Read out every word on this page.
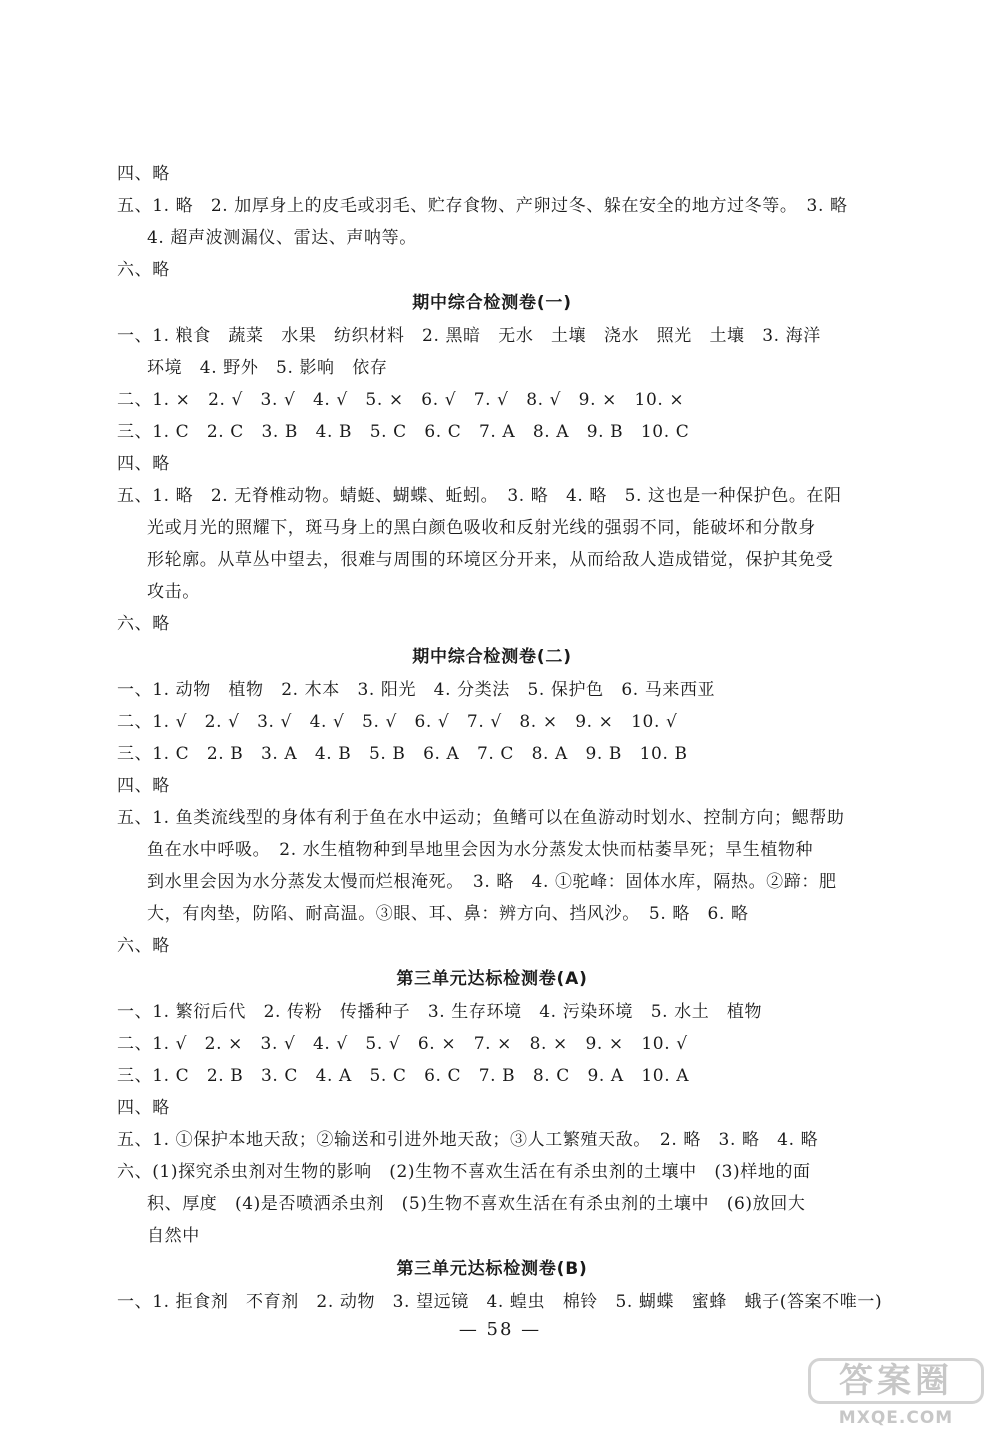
四、略
五、1. 略　2. 加厚身上的皮毛或羽毛、贮存食物、产卵过冬、躲在安全的地方过冬等。　3. 略
4. 超声波测漏仪、雷达、声呐等。
六、略
期中综合检测卷(一)
一、1. 粮食　蔬菜　水果　纺织材料　2. 黑暗　无水　土壤　浇水　照光　土壤　3. 海洋
环境　4. 野外　5. 影响　依存
二、1. ×　2. √　3. √　4. √　5. ×　6. √　7. √　8. √　9. ×　10. ×
三、1. C　2. C　3. B　4. B　5. C　6. C　7. A　8. A　9. B　10. C
四、略
五、1. 略　2. 无脊椎动物。蜻蜓、蝴蝶、蚯蚓。　3. 略　4. 略　5. 这也是一种保护色。在阳
光或月光的照耀下，斑马身上的黑白颜色吸收和反射光线的强弱不同，能破坏和分散身
形轮廓。从草丛中望去，很难与周围的环境区分开来，从而给敌人造成错觉，保护其免受
攻击。
六、略
期中综合检测卷(二)
一、1. 动物　植物　2. 木本　3. 阳光　4. 分类法　5. 保护色　6. 马来西亚
二、1. √　2. √　3. √　4. √　5. √　6. √　7. √　8. ×　9. ×　10. √
三、1. C　2. B　3. A　4. B　5. B　6. A　7. C　8. A　9. B　10. B
四、略
五、1. 鱼类流线型的身体有利于鱼在水中运动；鱼鳍可以在鱼游动时划水、控制方向；鳃帮助
鱼在水中呼吸。　2. 水生植物种到旱地里会因为水分蒸发太快而枯萎旱死；旱生植物种
到水里会因为水分蒸发太慢而烂根淹死。　3. 略　4. ①驼峰：固体水库，隔热。②蹄：肥
大，有肉垫，防陷、耐高温。③眼、耳、鼻：辨方向、挡风沙。　5. 略　6. 略
六、略
第三单元达标检测卷(A)
一、1. 繁衍后代　2. 传粉　传播种子　3. 生存环境　4. 污染环境　5. 水土　植物
二、1. √　2. ×　3. √　4. √　5. √　6. ×　7. ×　8. ×　9. ×　10. √
三、1. C　2. B　3. C　4. A　5. C　6. C　7. B　8. C　9. A　10. A
四、略
五、1. ①保护本地天敌；②输送和引进外地天敌；③人工繁殖天敌。　2. 略　3. 略　4. 略
六、(1)探究杀虫剂对生物的影响　(2)生物不喜欢生活在有杀虫剂的土壤中　(3)样地的面
积、厚度　(4)是否喷洒杀虫剂　(5)生物不喜欢生活在有杀虫剂的土壤中　(6)放回大
自然中
第三单元达标检测卷(B)
一、1. 拒食剂　不育剂　2. 动物　3. 望远镜　4. 蝗虫　棉铃　5. 蝴蝶　蜜蜂　蛾子(答案不唯一)
— 58 —
答案圈
MXQE.COM
